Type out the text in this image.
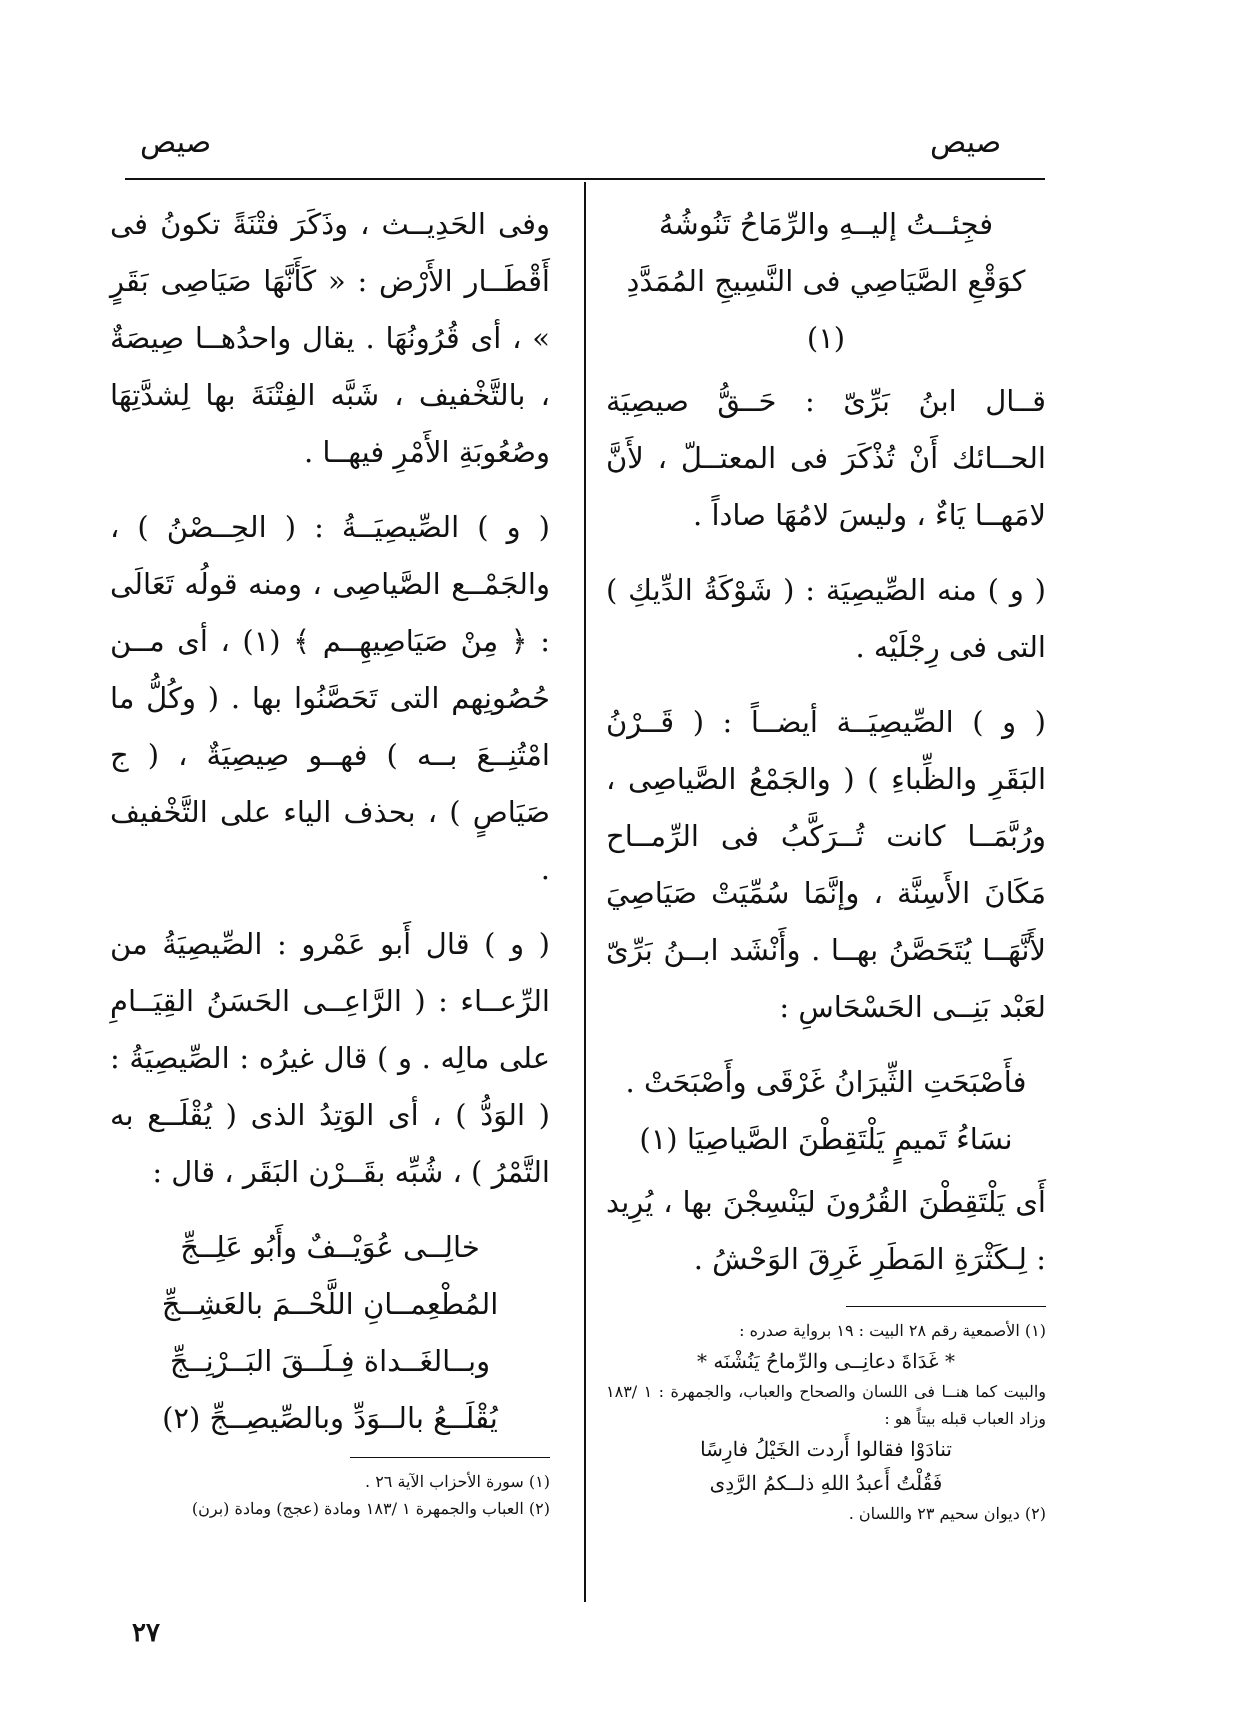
صيص
صيص

فجِئــتُ إليــهِ والرِّمَاحُ تَنُوشُهُ

كوَقْعِ الصَّيَاصِي فى النَّسِيجِ المُمَدَّدِ (١)

قــال ابنُ بَرِّىّ : حَــقُّ صيصِيَة الحــائك أَنْ تُذْكَرَ فى المعتــلّ ، لأَنَّ لامَهــا يَاءٌ ، وليسَ لامُهَا صاداً .

( و ) منه الصِّيصِيَة : ( شَوْكَةُ الدِّيكِ ) التى فى رِجْلَيْه .

( و ) الصِّيصِيَــة أيضــاً : ( قَــرْنُ البَقَرِ والظِّباءِ ) ( والجَمْعُ الصَّياصِى ، ورُبَّمَــا كانت تُــرَكَّبُ فى الرِّمــاح مَكَانَ الأَسِنَّة ، وإنَّمَا سُمِّيَتْ صَيَاصِيَ لأَنَّهَــا يُتَحَصَّنُ بهــا . وأَنْشَد ابــنُ بَرِّىّ لعَبْد بَنِــى الحَسْحَاسِ :

فأَصْبَحَتِ الثِّيرَانُ غَرْقَى وأَصْبَحَتْ .

نسَاءُ تَميمٍ يَلْتَقِطْنَ الصَّياصِيَا (١)

أَى يَلْتَقِطْنَ القُرُونَ ليَنْسِجْنَ بها ، يُرِيد : لِـكَثْرَةِ المَطَرِ غَرِقَ الوَحْشُ .

(١) الأصمعية رقم ٢٨ البيت : ١٩ برواية صدره :

* غَدَاةَ دعانِــى والرِّماحُ يَنُشْنَه *

والبيت كما هنــا فى اللسان والصحاح والعباب، والجمهرة : ١ /١٨٣ وزاد العباب قبله بيتاً هو :

تنادَوْا فقالوا أَردت الخَيْلُ فارِسًا

فَقُلْتُ أَعبدُ اللهِ ذلــكمُ الرَّدِى

(٢) ديوان سحيم ٢٣ واللسان .

وفى الحَدِيــث ، وذَكَرَ فتْنَةً تكونُ فى أَقْطَــار الأَرْض : « كَأَنَّهَا صَيَاصِى بَقَرٍ » ، أى قُرُونُهَا . يقال واحدُهــا صِيصَةٌ ، بالتَّخْفيف ، شَبَّه الفِتْنَةَ بها لِشدَّتِهَا وصُعُوبَةِ الأَمْرِ فيهــا .

( و ) الصِّيصِيَــةُ : ( الحِــصْنُ ) ، والجَمْــع الصَّياصِى ، ومنه قولُه تَعَالَى : ﴿ مِنْ صَيَاصِيهِــم ﴾ (١) ، أى مــن حُصُونِهم التى تَحَصَّنُوا بها . ( وكُلُّ ما امْتُنِــعَ بــه ) فهــو صِيصِيَةٌ ، ( ج صَيَاصٍ ) ، بحذف الياء على التَّخْفيف .

( و ) قال أَبو عَمْرو : الصِّيصِيَةُ من الرِّعــاء : ( الرَّاعِــى الحَسَنُ القِيَــامِ على مالِه . و ) قال غيرُه : الصِّيصِيَةُ : ( الوَدُّ ) ، أى الوَتِدُ الذى ( يُقْلَــع به التَّمْرُ ) ، شُبِّه بقَــرْن البَقَر ، قال :

خالِــى عُوَيْــفٌ وأَبُو عَلِــجِّ

المُطْعِمــانِ اللَّحْــمَ بالعَشِــجِّ

وبــالغَــداة فِـلَــقَ البَــرْنِــجِّ

يُقْلَــعُ بالــوَدِّ وبالصِّيصِــجِّ (٢)

(١) سورة الأحزاب الآية ٢٦ .

(٢) العباب والجمهرة ١ /١٨٣ ومادة (عجج) ومادة (برن)

٢٧
